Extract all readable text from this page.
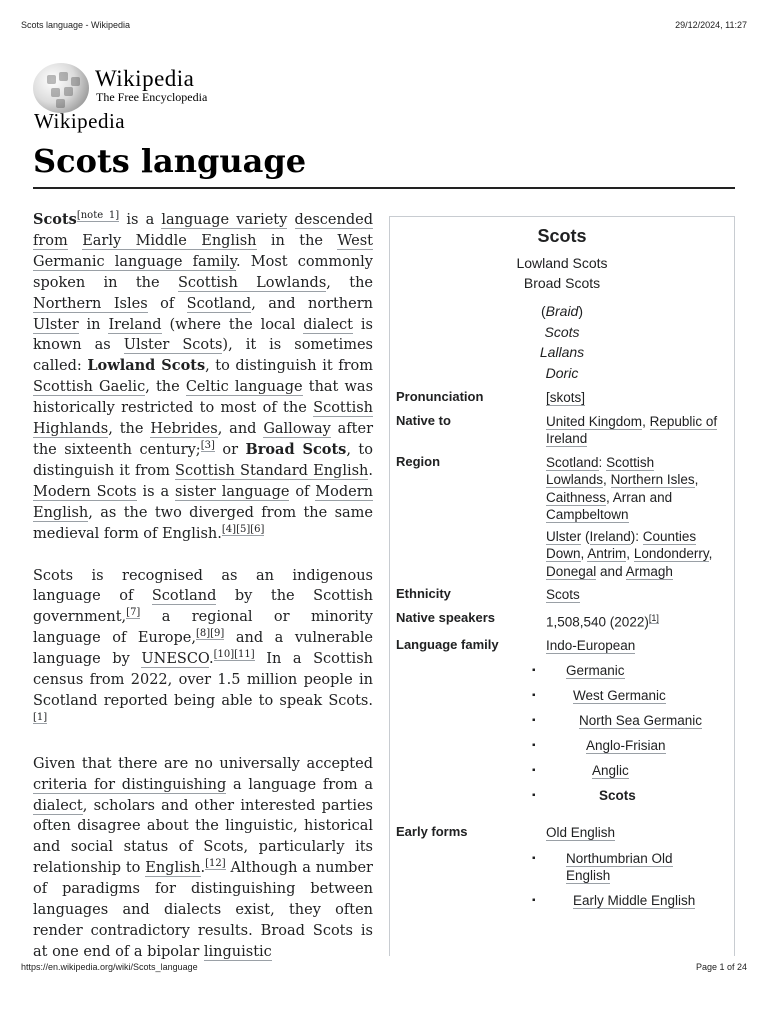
Scots language - Wikipedia	29/12/2024, 11:27
Wikipedia
The Free Encyclopedia
Wikipedia
Scots language

Scots[note 1] is a language variety descended from Early Middle English in the West Germanic language family. Most commonly spoken in the Scottish Lowlands, the Northern Isles of Scotland, and northern Ulster in Ireland (where the local dialect is known as Ulster Scots), it is sometimes called: Lowland Scots, to distinguish it from Scottish Gaelic, the Celtic language that was historically restricted to most of the Scottish Highlands, the Hebrides, and Galloway after the sixteenth century;[3] or Broad Scots, to distinguish it from Scottish Standard English. Modern Scots is a sister language of Modern English, as the two diverged from the same medieval form of English.[4][5][6]

Scots is recognised as an indigenous language of Scotland by the Scottish government,[7] a regional or minority language of Europe,[8][9] and a vulnerable language by UNESCO.[10][11] In a Scottish census from 2022, over 1.5 million people in Scotland reported being able to speak Scots.[1]

Given that there are no universally accepted criteria for distinguishing a language from a dialect, scholars and other interested parties often disagree about the linguistic, historical and social status of Scots, particularly its relationship to English.[12] Although a number of paradigms for distinguishing between languages and dialects exist, they often render contradictory results. Broad Scots is at one end of a bipolar linguistic

Scots
Lowland Scots
Broad Scots
(Braid)
Scots
Lallans
Doric
Pronunciation	[skots]
Native to	United Kingdom, Republic of Ireland
Region	Scotland: Scottish Lowlands, Northern Isles, Caithness, Arran and Campbeltown
Ulster (Ireland): Counties Down, Antrim, Londonderry, Donegal and Armagh
Ethnicity	Scots
Native speakers	1,508,540 (2022)[1]
Language family	Indo-European
▪ Germanic
▪ West Germanic
▪ North Sea Germanic
▪ Anglo-Frisian
▪ Anglic
▪ Scots
Early forms	Old English
▪ Northumbrian Old English
▪ Early Middle English
https://en.wikipedia.org/wiki/Scots_language	Page 1 of 24
